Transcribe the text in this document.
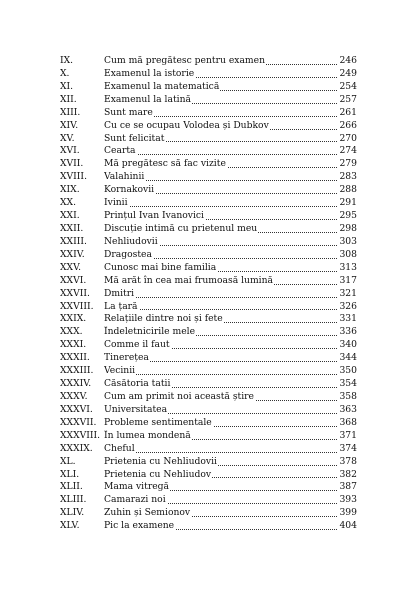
IX.	Cum mă pregătesc pentru examen	246
X.	Examenul la istorie	249
XI.	Examenul la matematică	254
XII.	Examenul la latină	257
XIII.	Sunt mare	261
XIV.	Cu ce se ocupau Volodea și Dubkov	266
XV.	Sunt felicitat	270
XVI.	Cearta	274
XVII.	Mă pregătesc să fac vizite	279
XVIII.	Valahinii	283
XIX.	Kornakovii	288
XX.	Ivinii	291
XXI.	Prințul Ivan Ivanovici	295
XXII.	Discuție intimă cu prietenul meu	298
XXIII.	Nehliudovii	303
XXIV.	Dragostea	308
XXV.	Cunosc mai bine familia	313
XXVI.	Mă arăt în cea mai frumoasă lumină	317
XXVII.	Dmitri	321
XXVIII.	La țară	326
XXIX.	Relațiile dintre noi și fete	331
XXX.	Îndeletnicirile mele	336
XXXI.	Comme il faut	340
XXXII.	Tinerețea	344
XXXIII.	Vecinii	350
XXXIV.	Căsătoria tatii	354
XXXV.	Cum am primit noi această știre	358
XXXVI.	Universitatea	363
XXXVII. Probleme sentimentale	368
XXXVIII. În lumea mondenă	371
XXXIX.	Cheful	374
XL.	Prietenia cu Nehliudovii	378
XLI.	Prietenia cu Nehliudov	382
XLII.	Mama vitregă	387
XLIII.	Camarazi noi	393
XLIV.	Zuhin și Semionov	399
XLV.	Pic la examene	404
